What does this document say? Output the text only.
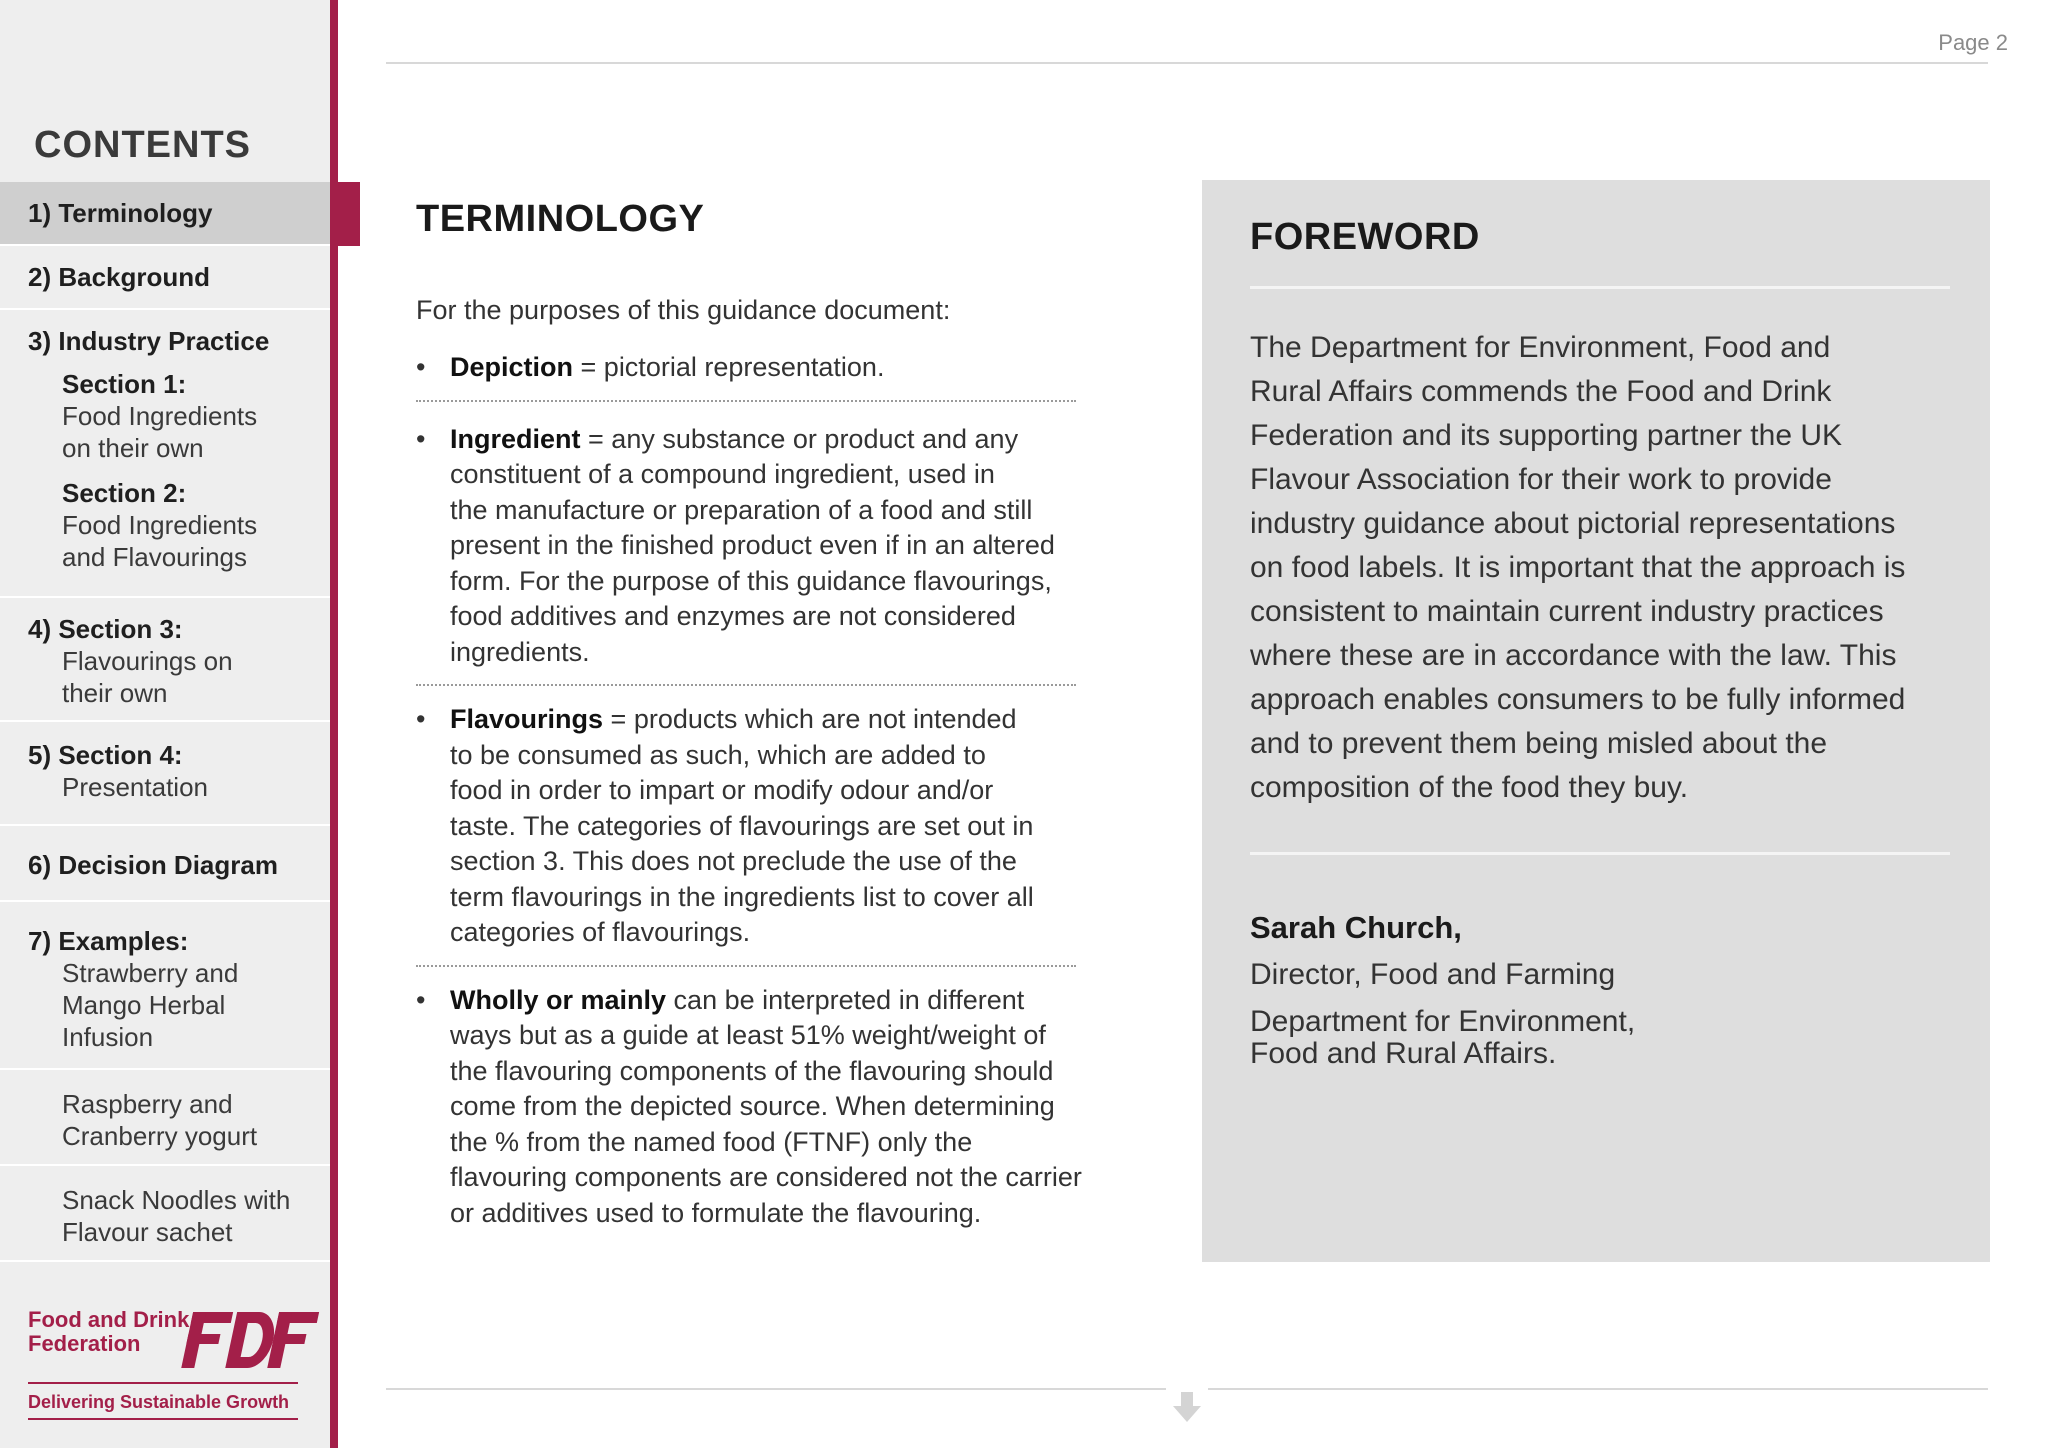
CONTENTS
1) Terminology
2) Background
3) Industry Practice
Section 1:
Food Ingredients
on their own
Section 2:
Food Ingredients
and Flavourings
4) Section 3:
Flavourings on
their own
5) Section 4:
Presentation
6) Decision Diagram
7) Examples:
Strawberry and
Mango Herbal
Infusion
Raspberry and
Cranberry yogurt
Snack Noodles with
Flavour sachet
Food and Drink
Federation
Delivering Sustainable Growth
Page 2
TERMINOLOGY
For the purposes of this guidance document:
• Depiction = pictorial representation.
• Ingredient = any substance or product and any
constituent of a compound ingredient, used in
the manufacture or preparation of a food and still
present in the finished product even if in an altered
form. For the purpose of this guidance flavourings,
food additives and enzymes are not considered
ingredients.
• Flavourings = products which are not intended
to be consumed as such, which are added to
food in order to impart or modify odour and/or
taste. The categories of flavourings are set out in
section 3. This does not preclude the use of the
term flavourings in the ingredients list to cover all
categories of flavourings.
• Wholly or mainly can be interpreted in different
ways but as a guide at least 51% weight/weight of
the flavouring components of the flavouring should
come from the depicted source. When determining
the % from the named food (FTNF) only the
flavouring components are considered not the carrier
or additives used to formulate the flavouring.
FOREWORD
The Department for Environment, Food and
Rural Affairs commends the Food and Drink
Federation and its supporting partner the UK
Flavour Association for their work to provide
industry guidance about pictorial representations
on food labels. It is important that the approach is
consistent to maintain current industry practices
where these are in accordance with the law. This
approach enables consumers to be fully informed
and to prevent them being misled about the
composition of the food they buy.
Sarah Church,
Director, Food and Farming
Department for Environment,
Food and Rural Affairs.
